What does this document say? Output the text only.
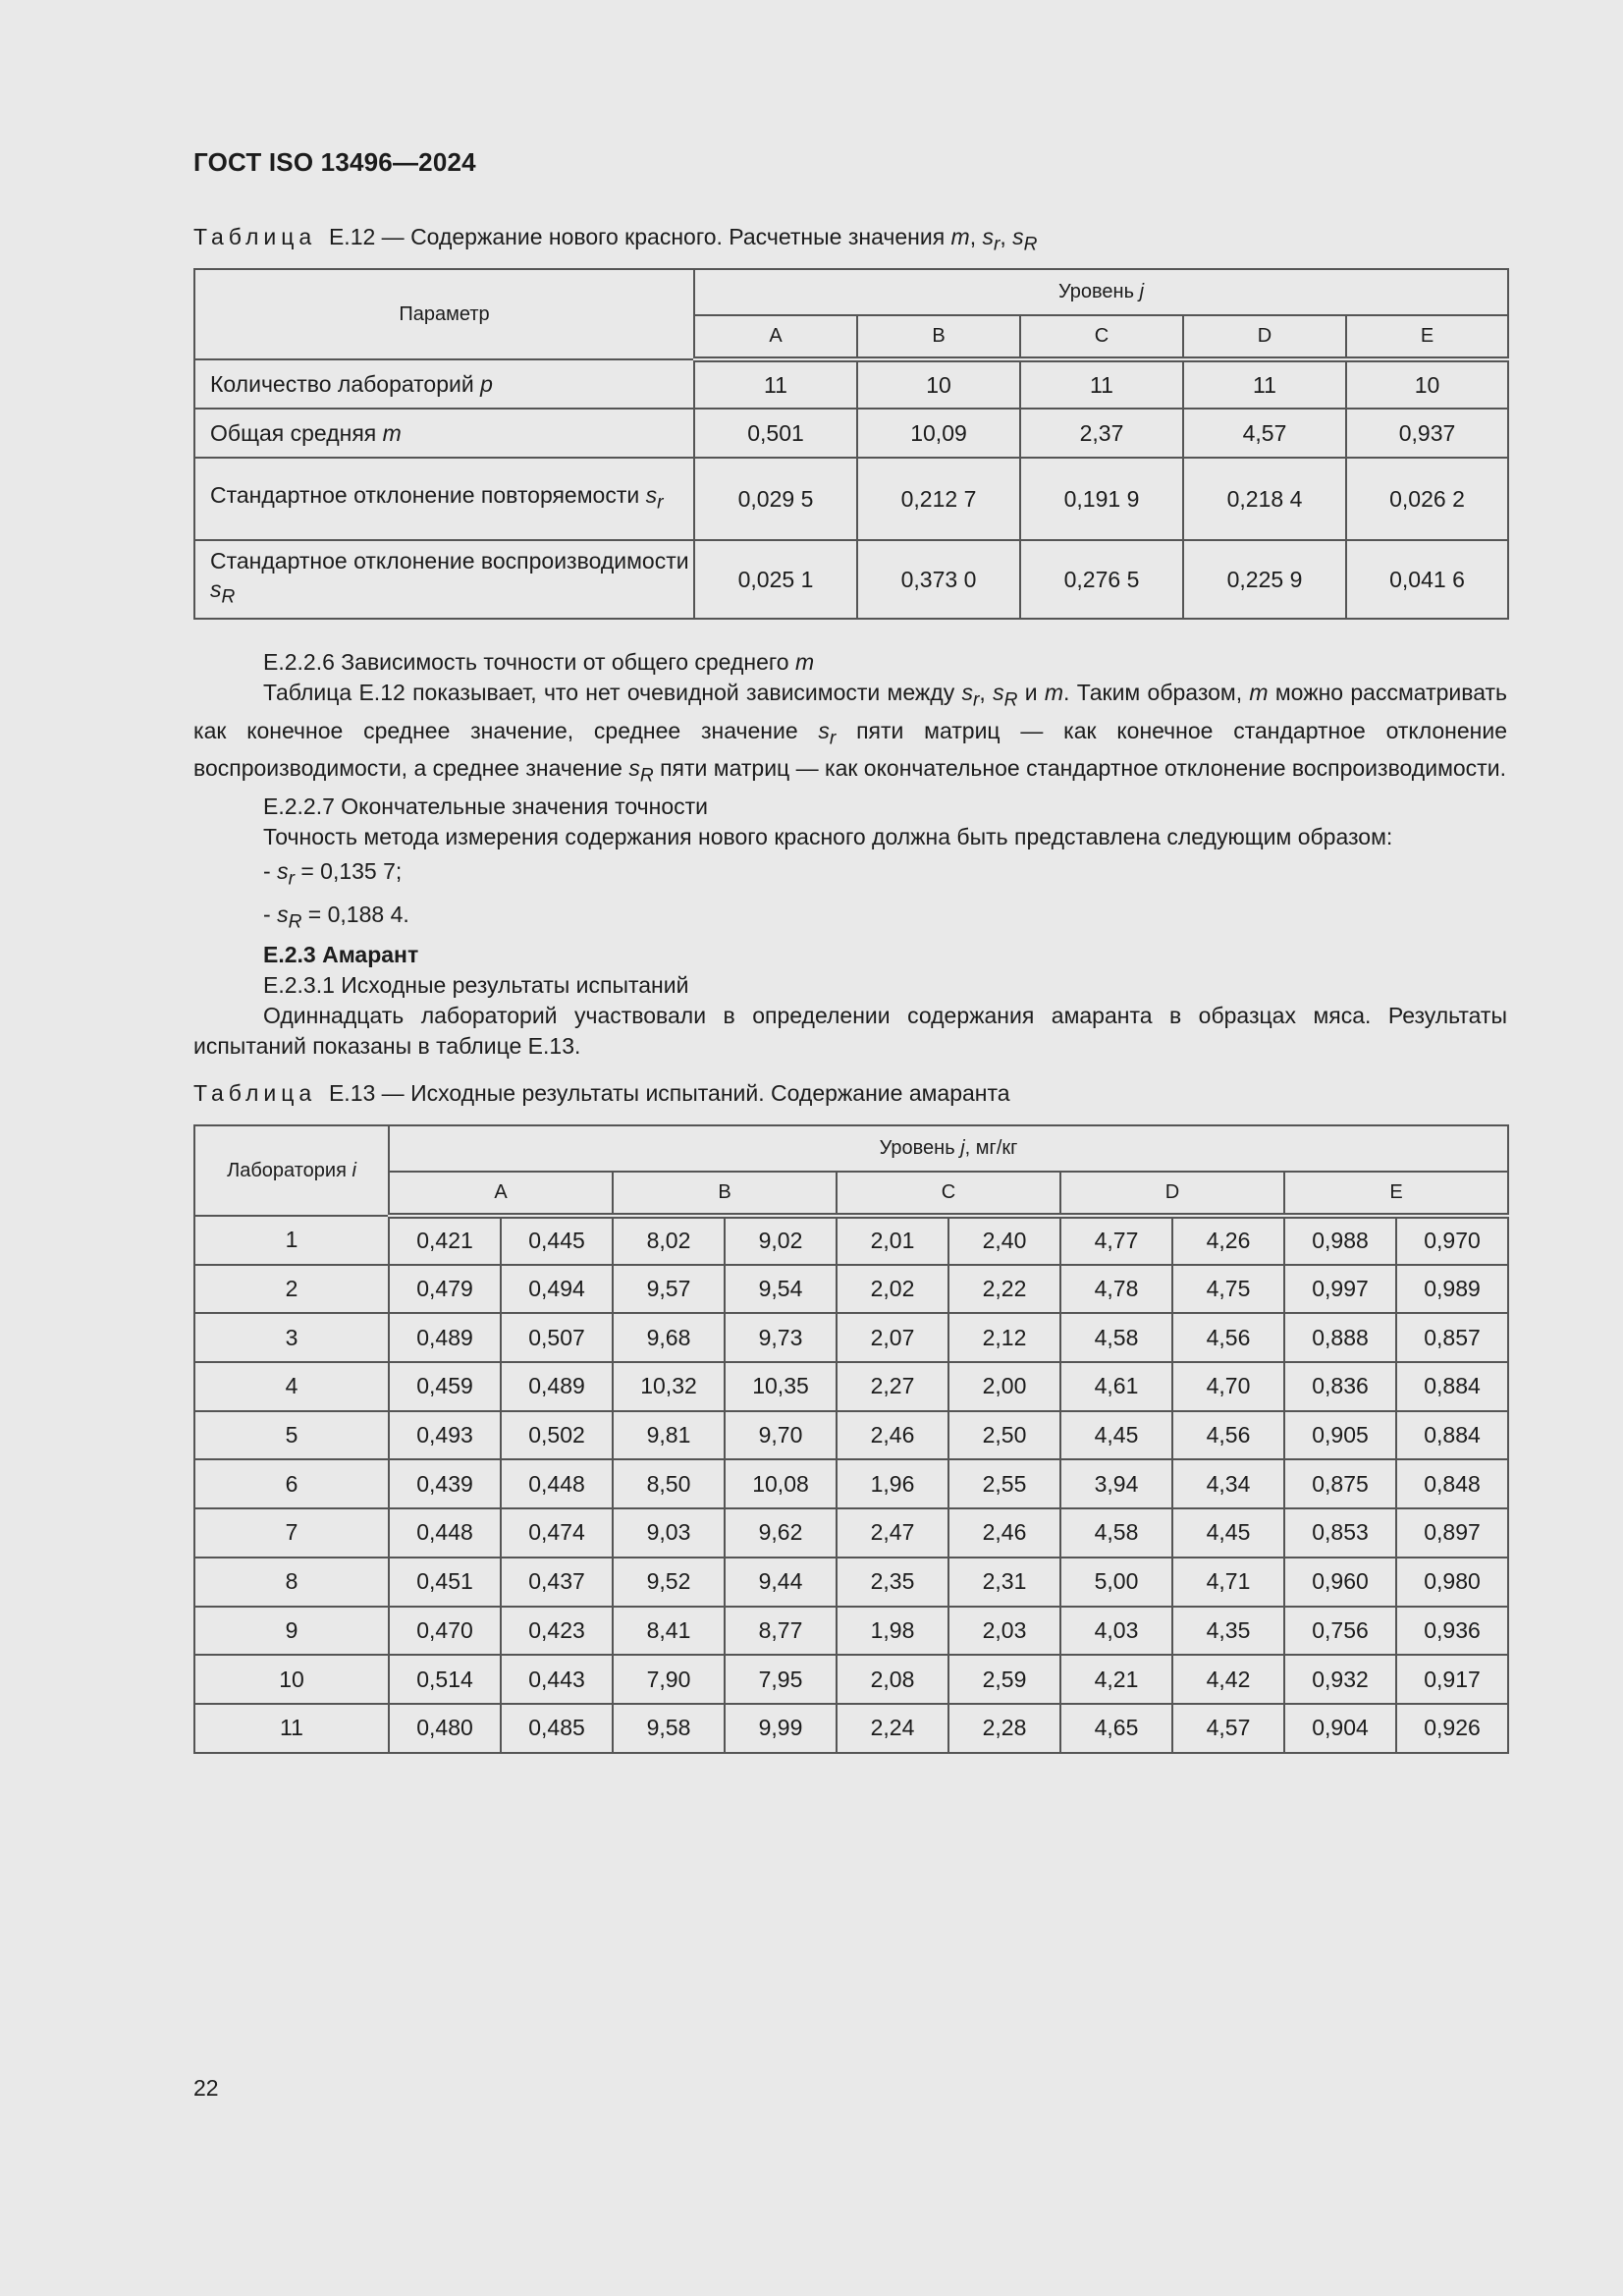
ГОСТ ISO 13496—2024
Таблица E.12 — Содержание нового красного. Расчетные значения m, $s_r$, $s_R$
Параметр	Уровень j				
	A	B	C	D	E
Количество лабораторий p	11	10	11	11	10
Общая средняя m	0,501	10,09	2,37	4,57	0,937
Стандартное отклонение повторяемости $s_r$	0,029 5	0,212 7	0,191 9	0,218 4	0,026 2
Стандартное отклонение воспроизводимости $s_R$	0,025 1	0,373 0	0,276 5	0,225 9	0,041 6

E.2.2.6 Зависимость точности от общего среднего m

Таблица E.12 показывает, что нет очевидной зависимости между $s_r$, $s_R$ и m. Таким образом, m можно рассматривать как конечное среднее значение, среднее значение $s_r$ пяти матриц — как конечное стандартное отклонение воспроизводимости, а среднее значение $s_R$ пяти матриц — как окончательное стандартное отклонение воспроизводимости.

E.2.2.7 Окончательные значения точности

Точность метода измерения содержания нового красного должна быть представлена следующим образом:

- $s_r = 0,135$ 7;

- $s_R = 0,188$ 4.

E.2.3 Амарант

E.2.3.1 Исходные результаты испытаний

Одиннадцать лабораторий участвовали в определении содержания амаранта в образцах мяса. Результаты испытаний показаны в таблице E.13.

Таблица E.13 — Исходные результаты испытаний. Содержание амаранта
Лаборатория i	Уровень j, мг/кг									
	A		B		C		D		E	
1	0,421	0,445	8,02	9,02	2,01	2,40	4,77	4,26	0,988	0,970
2	0,479	0,494	9,57	9,54	2,02	2,22	4,78	4,75	0,997	0,989
3	0,489	0,507	9,68	9,73	2,07	2,12	4,58	4,56	0,888	0,857
4	0,459	0,489	10,32	10,35	2,27	2,00	4,61	4,70	0,836	0,884
5	0,493	0,502	9,81	9,70	2,46	2,50	4,45	4,56	0,905	0,884
6	0,439	0,448	8,50	10,08	1,96	2,55	3,94	4,34	0,875	0,848
7	0,448	0,474	9,03	9,62	2,47	2,46	4,58	4,45	0,853	0,897
8	0,451	0,437	9,52	9,44	2,35	2,31	5,00	4,71	0,960	0,980
9	0,470	0,423	8,41	8,77	1,98	2,03	4,03	4,35	0,756	0,936
10	0,514	0,443	7,90	7,95	2,08	2,59	4,21	4,42	0,932	0,917
11	0,480	0,485	9,58	9,99	2,24	2,28	4,65	4,57	0,904	0,926
22
